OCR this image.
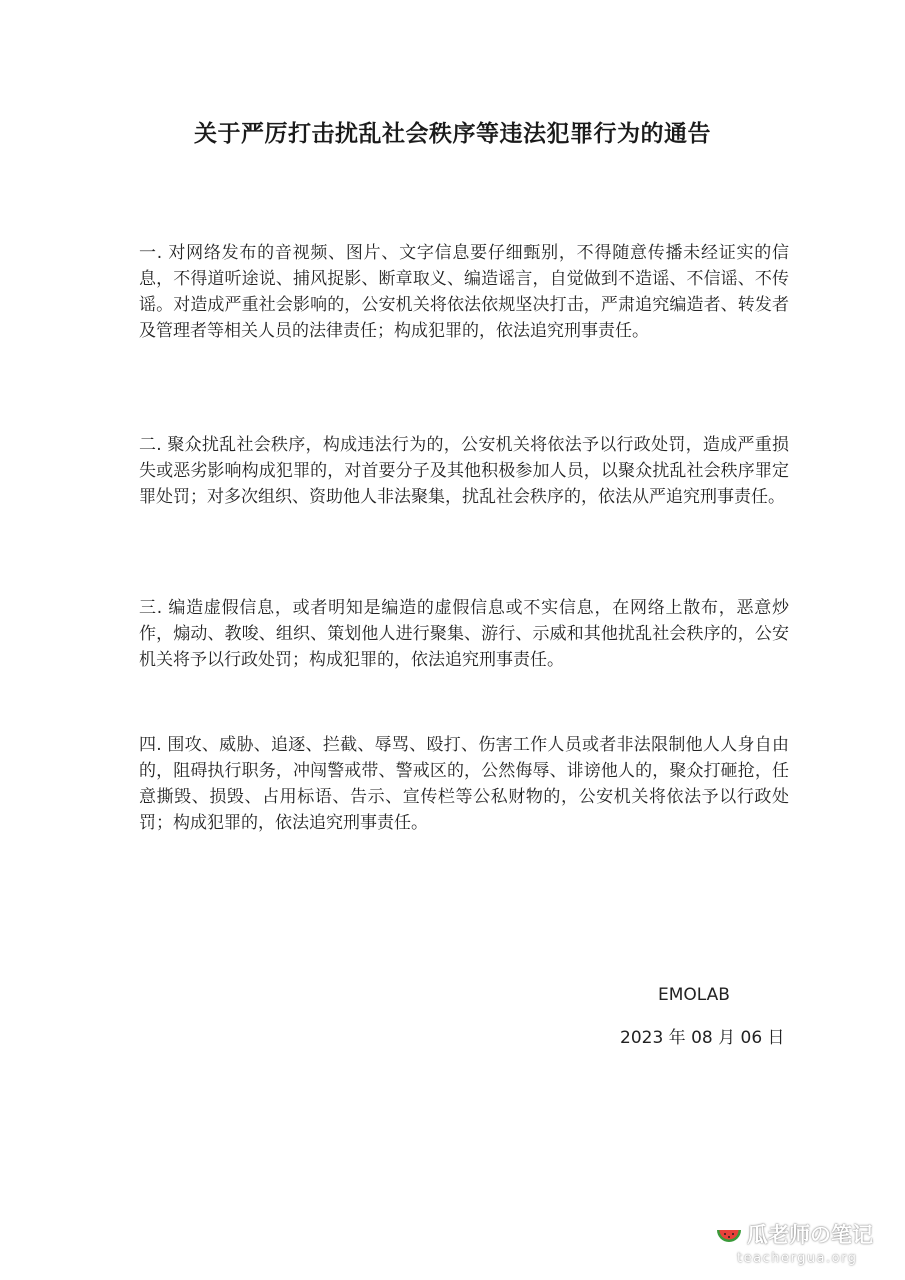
关于严厉打击扰乱社会秩序等违法犯罪行为的通告
一. 对网络发布的音视频、图片、文字信息要仔细甄别，不得随意传播未经证实的信息，不得道听途说、捕风捉影、断章取义、编造谣言，自觉做到不造谣、不信谣、不传谣。对造成严重社会影响的，公安机关将依法依规坚决打击，严肃追究编造者、转发者及管理者等相关人员的法律责任；构成犯罪的，依法追究刑事责任。
二. 聚众扰乱社会秩序，构成违法行为的，公安机关将依法予以行政处罚，造成严重损失或恶劣影响构成犯罪的，对首要分子及其他积极参加人员，以聚众扰乱社会秩序罪定罪处罚；对多次组织、资助他人非法聚集，扰乱社会秩序的，依法从严追究刑事责任。
三. 编造虚假信息，或者明知是编造的虚假信息或不实信息，在网络上散布，恶意炒作，煽动、教唆、组织、策划他人进行聚集、游行、示威和其他扰乱社会秩序的，公安机关将予以行政处罚；构成犯罪的，依法追究刑事责任。
四. 围攻、威胁、追逐、拦截、辱骂、殴打、伤害工作人员或者非法限制他人人身自由的，阻碍执行职务，冲闯警戒带、警戒区的，公然侮辱、诽谤他人的，聚众打砸抢，任意撕毁、损毁、占用标语、告示、宣传栏等公私财物的，公安机关将依法予以行政处罚；构成犯罪的，依法追究刑事责任。
EMOLAB
2023 年 08 月 06 日
瓜老师の笔记
teachergua.org
